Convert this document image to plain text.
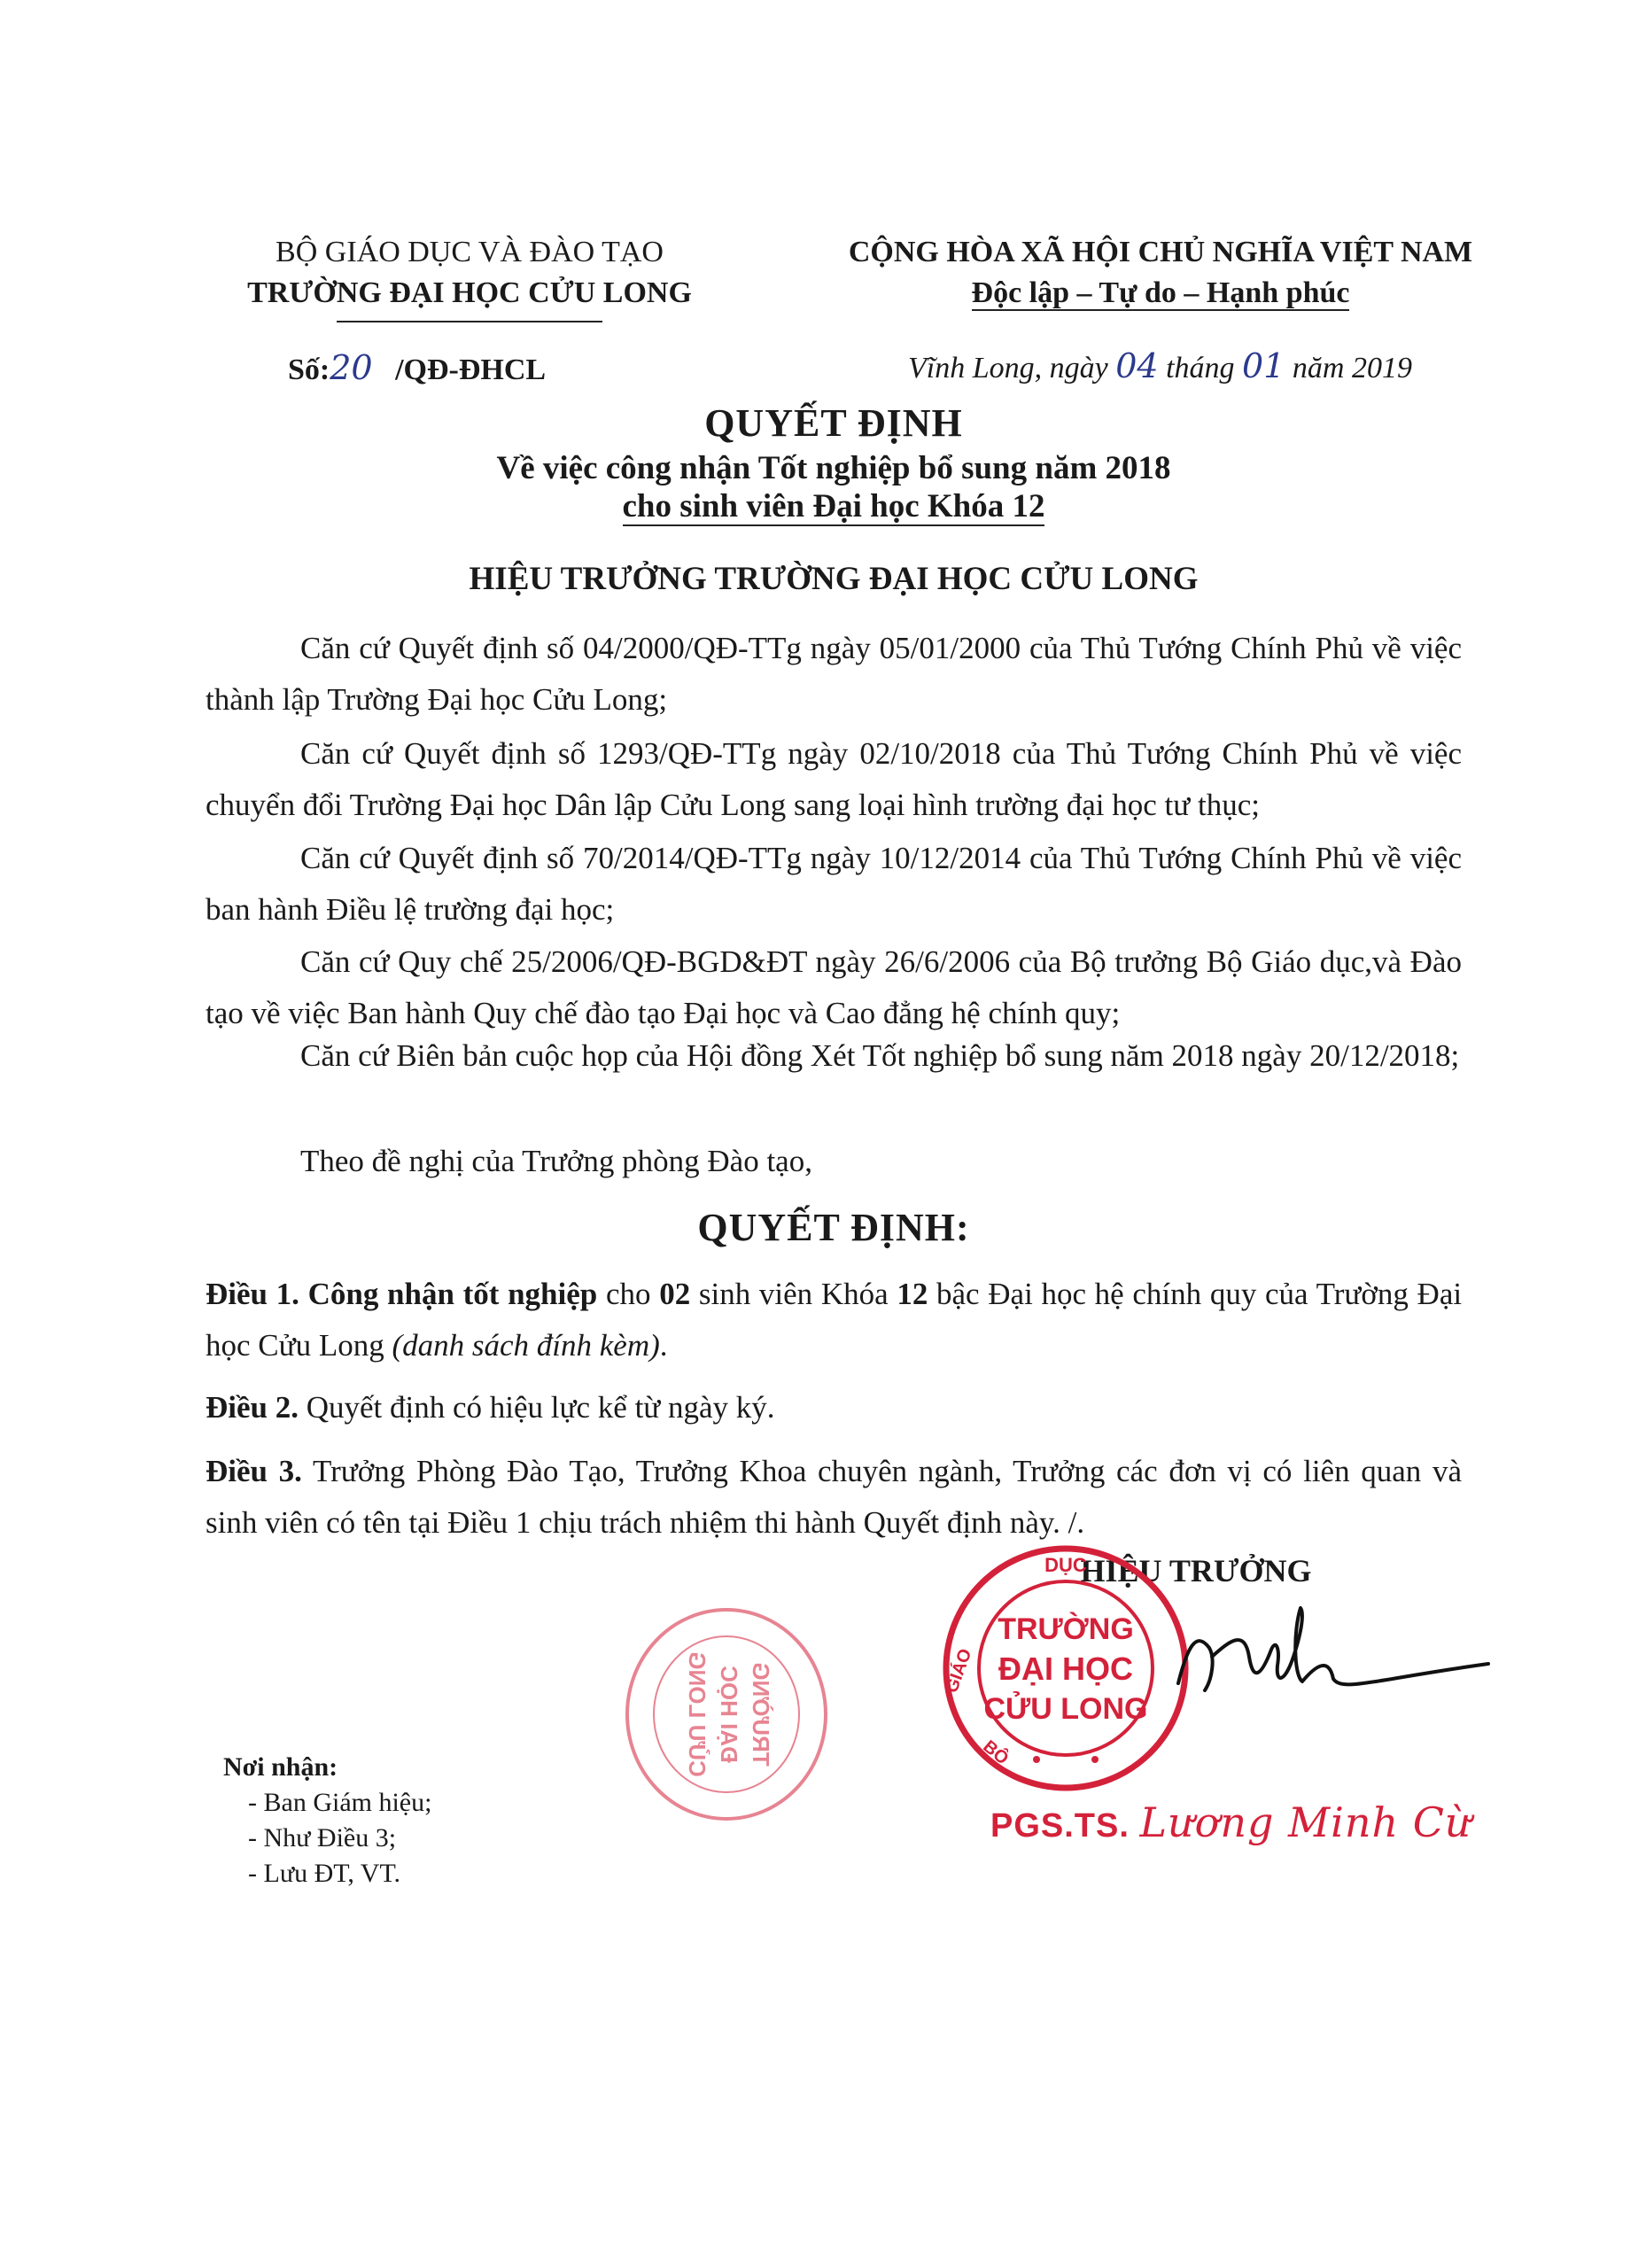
BỘ GIÁO DỤC VÀ ĐÀO TẠO
TRƯỜNG ĐẠI HỌC CỬU LONG
CỘNG HÒA XÃ HỘI CHỦ NGHĨA VIỆT NAM
Độc lập – Tự do – Hạnh phúc
Số:20 /QĐ-ĐHCL	Vĩnh Long, ngày 04 tháng 01 năm 2019
QUYẾT ĐỊNH
Về việc công nhận Tốt nghiệp bổ sung năm 2018
cho sinh viên Đại học Khóa 12
HIỆU TRƯỞNG TRƯỜNG ĐẠI HỌC CỬU LONG
Căn cứ Quyết định số 04/2000/QĐ-TTg ngày 05/01/2000 của Thủ Tướng Chính Phủ về việc thành lập Trường Đại học Cửu Long;
Căn cứ Quyết định số 1293/QĐ-TTg ngày 02/10/2018 của Thủ Tướng Chính Phủ về việc chuyển đổi Trường Đại học Dân lập Cửu Long sang loại hình trường đại học tư thục;
Căn cứ Quyết định số 70/2014/QĐ-TTg ngày 10/12/2014 của Thủ Tướng Chính Phủ về việc ban hành Điều lệ trường đại học;
Căn cứ Quy chế 25/2006/QĐ-BGD&ĐT ngày 26/6/2006 của Bộ trưởng Bộ Giáo dục,và Đào tạo về việc Ban hành Quy chế đào tạo Đại học và Cao đẳng hệ chính quy;
Căn cứ Biên bản cuộc họp của Hội đồng Xét Tốt nghiệp bổ sung năm 2018 ngày 20/12/2018;
Theo đề nghị của Trưởng phòng Đào tạo,
QUYẾT ĐỊNH:
Điều 1. Công nhận tốt nghiệp cho 02 sinh viên Khóa 12 bậc Đại học hệ chính quy của Trường Đại học Cửu Long (danh sách đính kèm).
Điều 2. Quyết định có hiệu lực kể từ ngày ký.
Điều 3. Trưởng Phòng Đào Tạo, Trưởng Khoa chuyên ngành, Trưởng các đơn vị có liên quan và sinh viên có tên tại Điều 1 chịu trách nhiệm thi hành Quyết định này. /.
HIỆU TRƯỞNG
DỤC
GIÁO
BỘ
TRƯỜNG
ĐẠI HỌC
CỬU LONG
TRƯỜNG
ĐẠI HỌC
CỬU LONG
PGS.TS. Lương Minh Cừ
Nơi nhận:
- Ban Giám hiệu;
- Như Điều 3;
- Lưu ĐT, VT.
